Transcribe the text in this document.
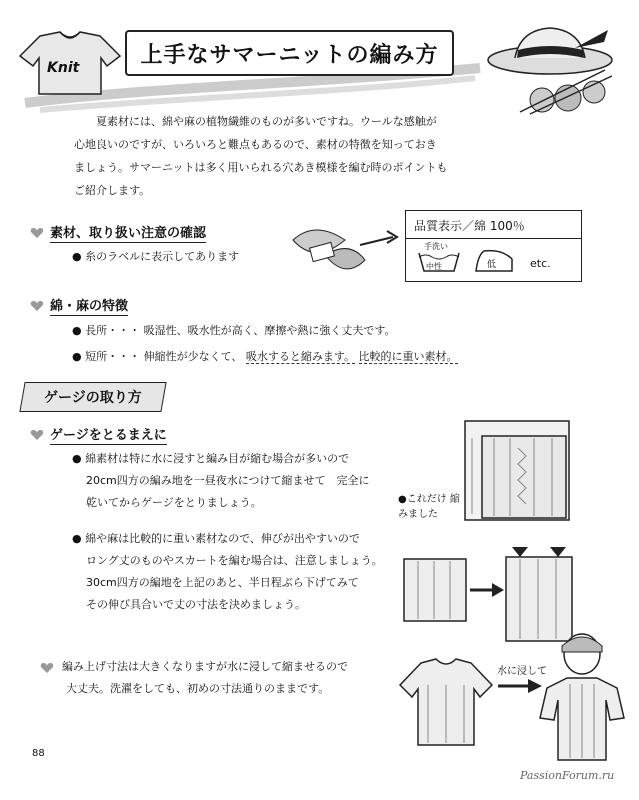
Knit
上手なサマーニットの編み方
夏素材には、綿や麻の植物繊維のものが多いですね。ウールな感触が
心地良いのですが、いろいろと難点もあるので、素材の特徴を知っておき
ましょう。サマーニットは多く用いられる穴あき模様を編む時のポイントも
ご紹介します。
素材、取り扱い注意の確認
● 糸のラベルに表示してあります
品質表示／綿 100％
手洗い
中性	低	etc.
綿・麻の特徴
● 長所・・・ 吸湿性、吸水性が高く、摩擦や熱に強く丈夫です。
● 短所・・・ 伸縮性が少なくて、 吸水すると縮みます。 比較的に重い素材。
ゲージの取り方
ゲージをとるまえに
● 綿素材は特に水に浸すと編み目が縮む場合が多いので
20cm四方の編み地を一昼夜水につけて縮ませて　完全に
乾いてからゲージをとりましょう。	●これだけ 縮みました
● 綿や麻は比較的に重い素材なので、伸びが出やすいので
ロング丈のものやスカートを編む場合は、注意しましょう。
30cm四方の編地を上記のあと、半日程ぶら下げてみて
その伸び具合いで丈の寸法を決めましょう。
編み上げ寸法は大きくなりますが水に浸して縮ませるので
大丈夫。洗濯をしても、初めの寸法通りのままです。
水に浸して
88
PassionForum.ru
